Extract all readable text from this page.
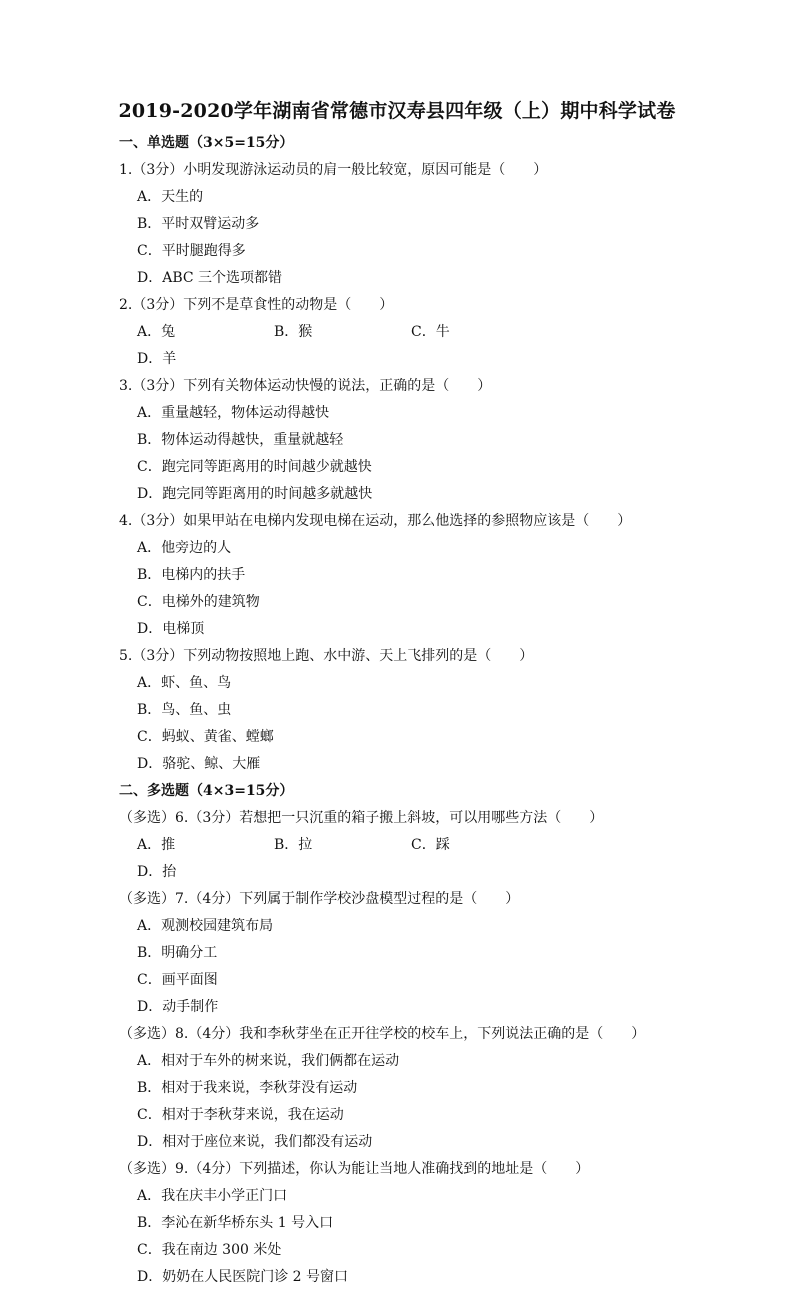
2019-2020学年湖南省常德市汉寿县四年级（上）期中科学试卷
一、单选题（3×5=15分）
1.（3分）小明发现游泳运动员的肩一般比较宽，原因可能是（　　）
A．天生的
B．平时双臂运动多
C．平时腿跑得多
D．ABC 三个选项都错
2.（3分）下列不是草食性的动物是（　　）
A．兔	B．猴	C．牛
D．羊
3.（3分）下列有关物体运动快慢的说法，正确的是（　　）
A．重量越轻，物体运动得越快
B．物体运动得越快，重量就越轻
C．跑完同等距离用的时间越少就越快
D．跑完同等距离用的时间越多就越快
4.（3分）如果甲站在电梯内发现电梯在运动，那么他选择的参照物应该是（　　）
A．他旁边的人
B．电梯内的扶手
C．电梯外的建筑物
D．电梯顶
5.（3分）下列动物按照地上跑、水中游、天上飞排列的是（　　）
A．虾、鱼、鸟
B．鸟、鱼、虫
C．蚂蚁、黄雀、螳螂
D．骆驼、鲸、大雁
二、多选题（4×3=15分）
（多选）6.（3分）若想把一只沉重的箱子搬上斜坡，可以用哪些方法（　　）
A．推	B．拉	C．踩
D．抬
（多选）7.（4分）下列属于制作学校沙盘模型过程的是（　　）
A．观测校园建筑布局
B．明确分工
C．画平面图
D．动手制作
（多选）8.（4分）我和李秋芽坐在正开往学校的校车上，下列说法正确的是（　　）
A．相对于车外的树来说，我们俩都在运动
B．相对于我来说，李秋芽没有运动
C．相对于李秋芽来说，我在运动
D．相对于座位来说，我们都没有运动
（多选）9.（4分）下列描述，你认为能让当地人准确找到的地址是（　　）
A．我在庆丰小学正门口
B．李沁在新华桥东头 1 号入口
C．我在南边 300 米处
D．奶奶在人民医院门诊 2 号窗口
